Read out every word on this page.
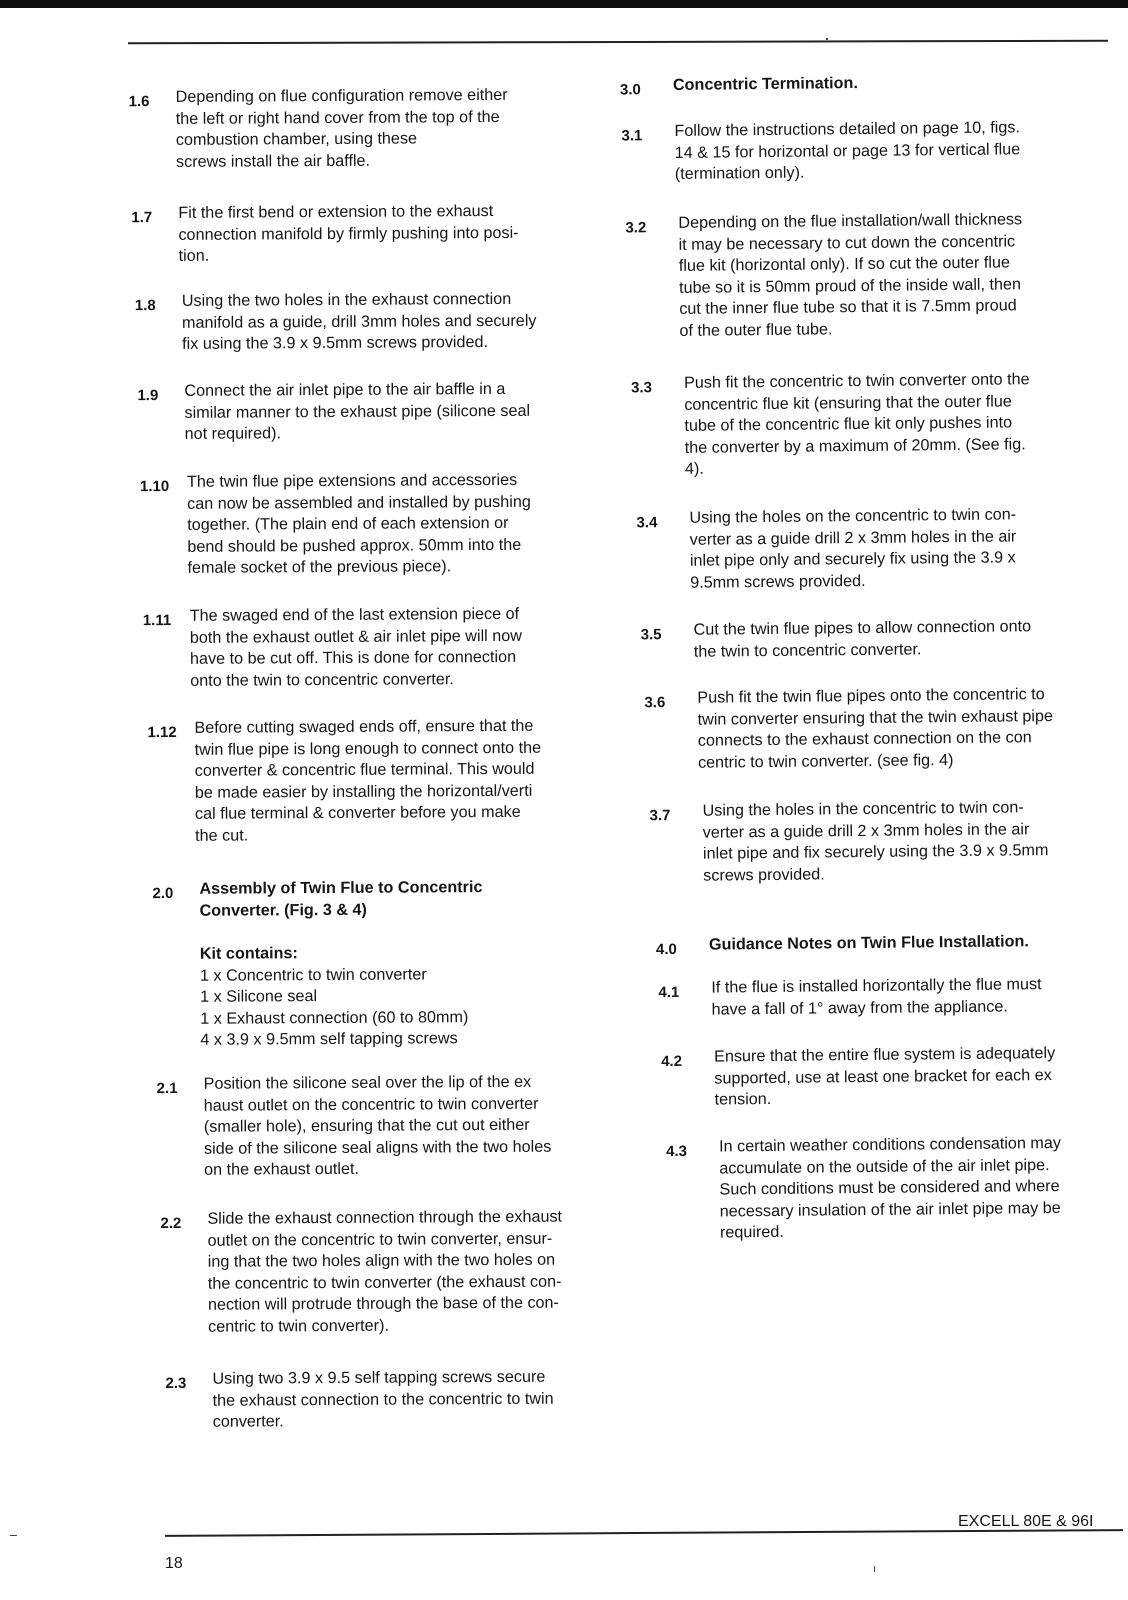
1.6 Depending on flue configuration remove either
the left or right hand cover from the top of the
combustion chamber, using these
screws install the air baffle.
1.7 Fit the first bend or extension to the exhaust
connection manifold by firmly pushing into posi-
tion.
1.8 Using the two holes in the exhaust connection
manifold as a guide, drill 3mm holes and securely
fix using the 3.9 x 9.5mm screws provided.
1.9 Connect the air inlet pipe to the air baffle in a
similar manner to the exhaust pipe (silicone seal
not required).
1.10 The twin flue pipe extensions and accessories
can now be assembled and installed by pushing
together. (The plain end of each extension or
bend should be pushed approx. 50mm into the
female socket of the previous piece).
1.11 The swaged end of the last extension piece of
both the exhaust outlet & air inlet pipe will now
have to be cut off. This is done for connection
onto the twin to concentric converter.
1.12 Before cutting swaged ends off, ensure that the
twin flue pipe is long enough to connect onto the
converter & concentric flue terminal. This would
be made easier by installing the horizontal/verti
cal flue terminal & converter before you make
the cut.
2.0 Assembly of Twin Flue to Concentric
Converter. (Fig. 3 & 4)
Kit contains:
1 x Concentric to twin converter
1 x Silicone seal
1 x Exhaust connection (60 to 80mm)
4 x 3.9 x 9.5mm self tapping screws
2.1 Position the silicone seal over the lip of the ex
haust outlet on the concentric to twin converter
(smaller hole), ensuring that the cut out either
side of the silicone seal aligns with the two holes
on the exhaust outlet.
2.2 Slide the exhaust connection through the exhaust
outlet on the concentric to twin converter, ensur-
ing that the two holes align with the two holes on
the concentric to twin converter (the exhaust con-
nection will protrude through the base of the con-
centric to twin converter).
2.3 Using two 3.9 x 9.5 self tapping screws secure
the exhaust connection to the concentric to twin
converter.
3.0 Concentric Termination.
3.1 Follow the instructions detailed on page 10, figs.
14 & 15 for horizontal or page 13 for vertical flue
(termination only).
3.2 Depending on the flue installation/wall thickness
it may be necessary to cut down the concentric
flue kit (horizontal only). If so cut the outer flue
tube so it is 50mm proud of the inside wall, then
cut the inner flue tube so that it is 7.5mm proud
of the outer flue tube.
3.3 Push fit the concentric to twin converter onto the
concentric flue kit (ensuring that the outer flue
tube of the concentric flue kit only pushes into
the converter by a maximum of 20mm. (See fig.
4).
3.4 Using the holes on the concentric to twin con-
verter as a guide drill 2 x 3mm holes in the air
inlet pipe only and securely fix using the 3.9 x
9.5mm screws provided.
3.5 Cut the twin flue pipes to allow connection onto
the twin to concentric converter.
3.6 Push fit the twin flue pipes onto the concentric to
twin converter ensuring that the twin exhaust pipe
connects to the exhaust connection on the con
centric to twin converter. (see fig. 4)
3.7 Using the holes in the concentric to twin con-
verter as a guide drill 2 x 3mm holes in the air
inlet pipe and fix securely using the 3.9 x 9.5mm
screws provided.
4.0 Guidance Notes on Twin Flue Installation.
4.1 If the flue is installed horizontally the flue must
have a fall of 1° away from the appliance.
4.2 Ensure that the entire flue system is adequately
supported, use at least one bracket for each ex
tension.
4.3 In certain weather conditions condensation may
accumulate on the outside of the air inlet pipe.
Such conditions must be considered and where
necessary insulation of the air inlet pipe may be
required.
EXCELL 80E & 96I
18
